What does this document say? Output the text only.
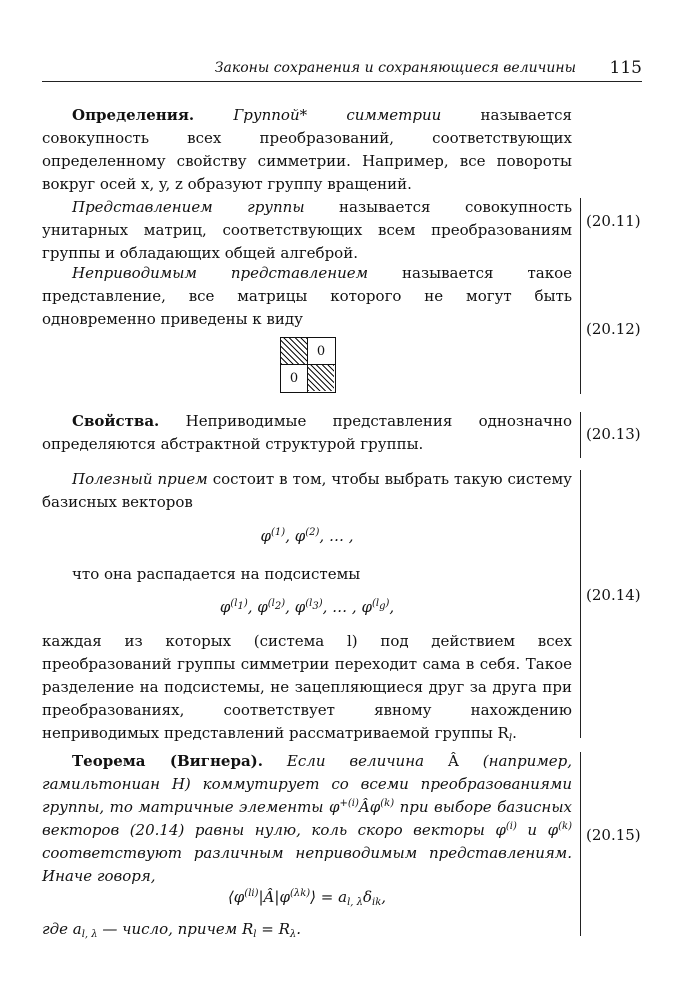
Законы сохранения и сохраняющиеся величины 115

Определения.	Группой* симметрии называется совокупность всех преобразований, соответствующих определенному свойству симметрии. Например, все повороты вокруг осей x, y, z образуют группу вращений.

Представлением группы называется совокупность унитарных матриц, соответствующих всем преобразованиям группы и обладающих общей алгеброй.

(20.11)

Неприводимым представлением называется такое представление, все матрицы которого не могут быть одновременно приведены к виду

0
0
(20.12)

Свойства. Неприводимые представления однозначно определяются абстрактной структурой группы.

(20.13)

Полезный прием состоит в том, чтобы выбрать такую систему базисных векторов

$\varphi^{(1)}$, $\varphi^{(2)}$, … ,

что она распадается на подсистемы

$\varphi^{(l_1)}$, $\varphi^{(l_2)}$, $\varphi^{(l_3)}$, … , $\varphi^{(l_g)}$,

каждая из которых (система l) под действием всех преобразований группы симметрии переходит сама в себя. Такое разделение на подсистемы, не зацепляющиеся друг за друга при преобразованиях, соответствует явному нахождению неприводимых представлений рассматриваемой группы $R_l$.

(20.14)

Теорема (Вигнера). Если величина Â (например, гамильтониан H) коммутирует со всеми преобразованиями группы, то матричные элементы $\varphi^{+(i)}Â\varphi^{(k)}$ при выборе базисных векторов (20.14) равны нулю, коль скоро векторы $\varphi^{(i)}$ и $\varphi^{(k)}$ соответствуют различным неприводимым представлениям. Иначе говоря,

$⟨\varphi^{(li)}|Â|\varphi^{(\lambda k)}⟩ = a_{l, \lambda}\delta_{ik}$,

где $a_{l, \lambda}$ — число, причем $R_l = R_\lambda$.

(20.15)
